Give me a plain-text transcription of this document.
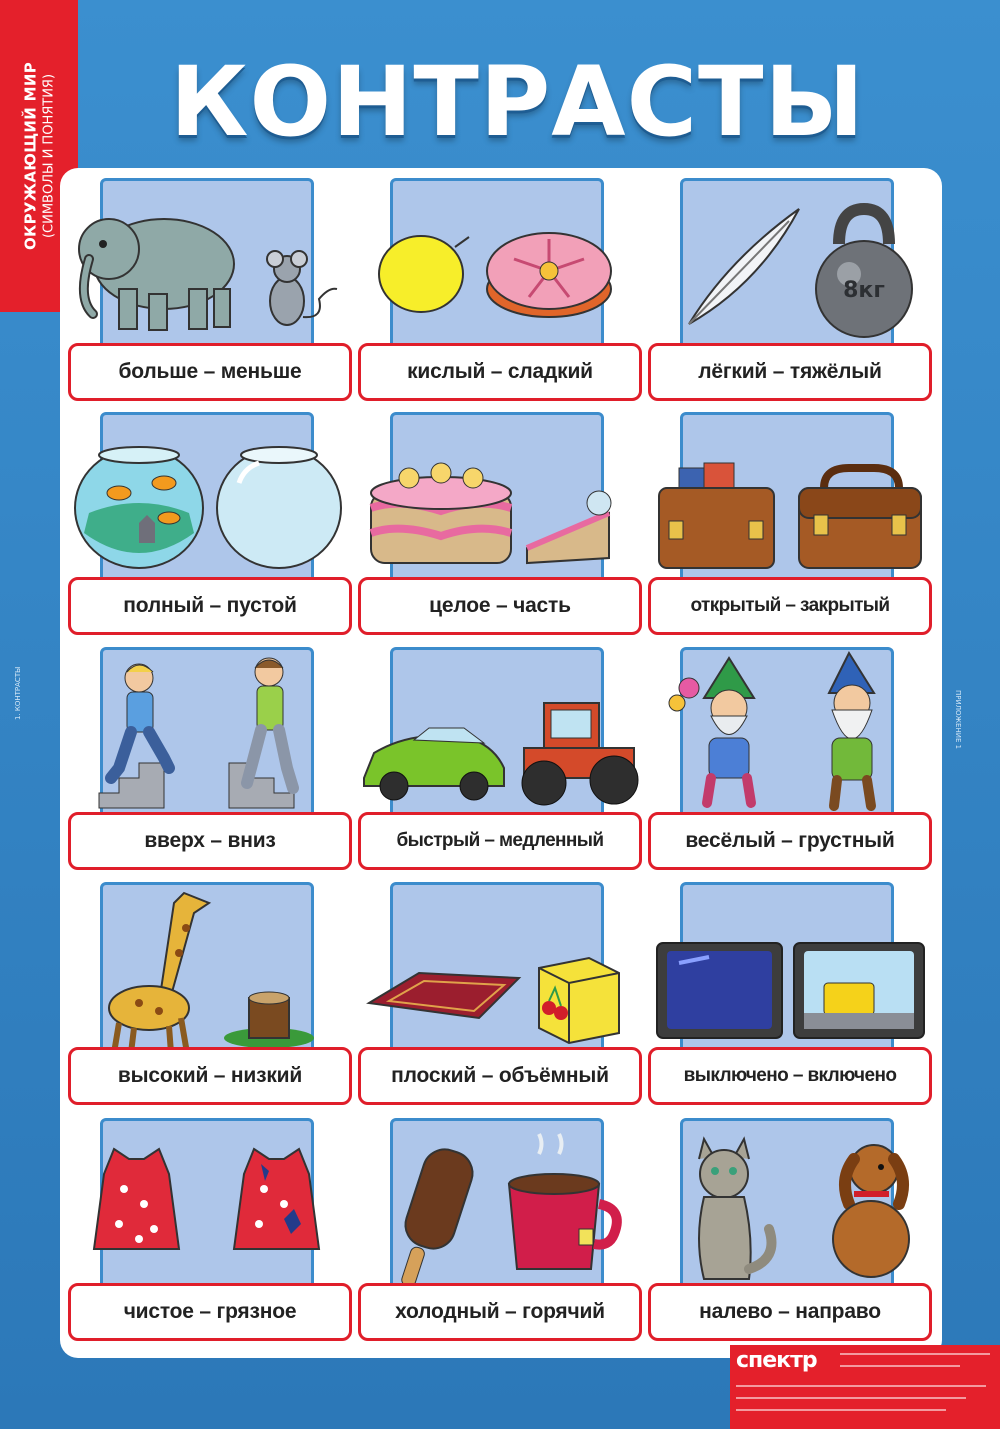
ОКРУЖАЮЩИЙ МИР (СИМВОЛЫ И ПОНЯТИЯ) КОНТРАСТЫ
1. КОНТРАСТЫ	ПРИЛОЖЕНИЕ 1
больше – меньше	кислый – сладкий
8кг
лёгкий – тяжёлый
полный – пустой	целое – часть	открытый – закрытый
вверх – вниз	быстрый – медленный	весёлый – грустный
высокий – низкий	плоский – объёмный	выключено – включено
чистое – грязное	холодный – горячий	налево – направо
спектр
